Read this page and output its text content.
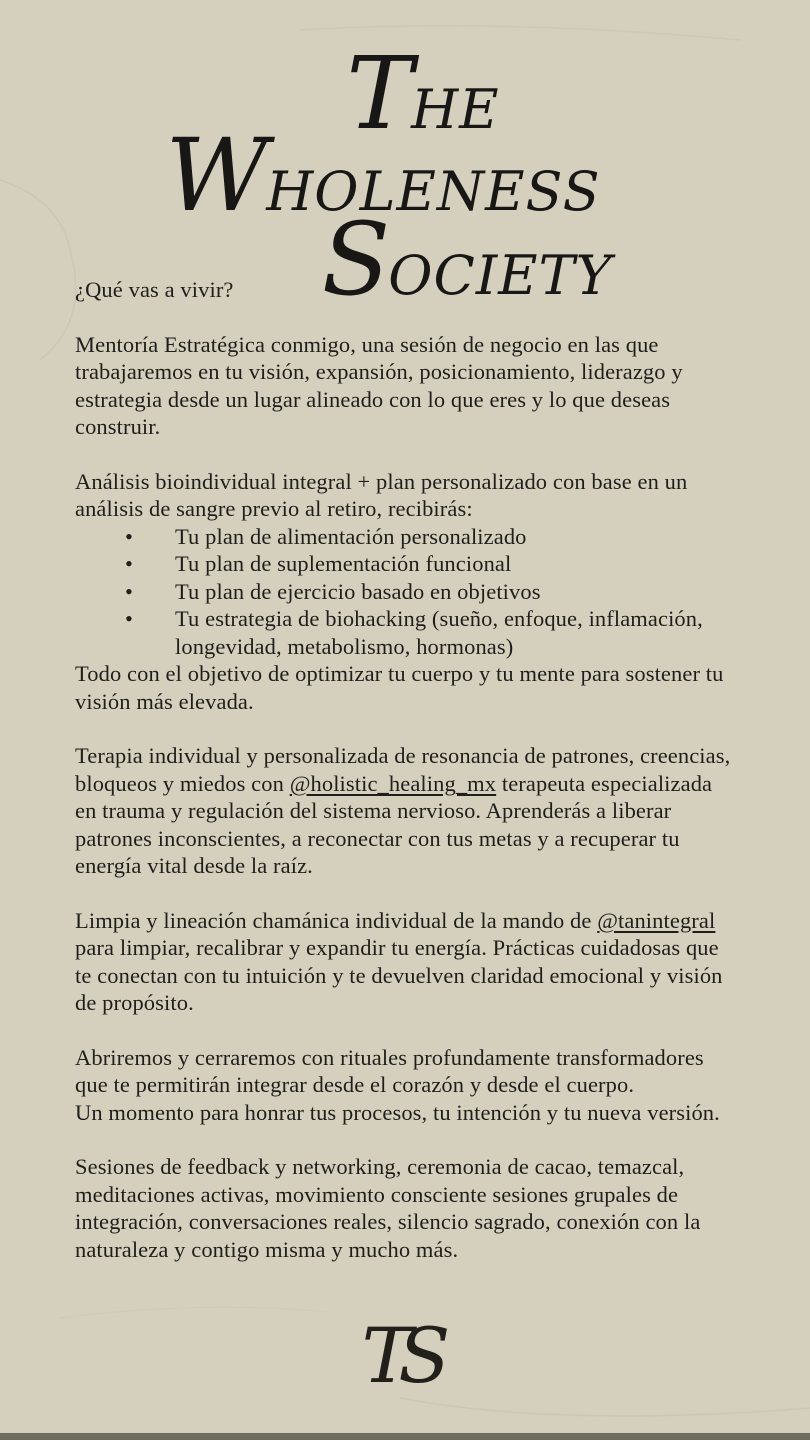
THE
WHOLENESS
SOCIETY

¿Qué vas a vivir?

Mentoría Estratégica conmigo, una sesión de negocio en las que trabajaremos en tu visión, expansión, posicionamiento, liderazgo y estrategia desde un lugar alineado con lo que eres y lo que deseas construir.

Análisis bioindividual integral + plan personalizado con base en un análisis de sangre previo al retiro, recibirás:

• Tu plan de alimentación personalizado
• Tu plan de suplementación funcional
• Tu plan de ejercicio basado en objetivos
• Tu estrategia de biohacking (sueño, enfoque, inflamación, longevidad, metabolismo, hormonas)

Todo con el objetivo de optimizar tu cuerpo y tu mente para sostener tu visión más elevada.

Terapia individual y personalizada de resonancia de patrones, creencias, bloqueos y miedos con @holistic_healing_mx terapeuta especializada en trauma y regulación del sistema nervioso. Aprenderás a liberar patrones inconscientes, a reconectar con tus metas y a recuperar tu energía vital desde la raíz.

Limpia y lineación chamánica individual de la mando de @tanintegral para limpiar, recalibrar y expandir tu energía. Prácticas cuidadosas que te conectan con tu intuición y te devuelven claridad emocional y visión de propósito.

Abriremos y cerraremos con rituales profundamente transformadores que te permitirán integrar desde el corazón y desde el cuerpo.
Un momento para honrar tus procesos, tu intención y tu nueva versión.

Sesiones de feedback y networking, ceremonia de cacao, temazcal, meditaciones activas, movimiento consciente sesiones grupales de integración, conversaciones reales, silencio sagrado, conexión con la naturaleza y contigo misma y mucho más.

TS
